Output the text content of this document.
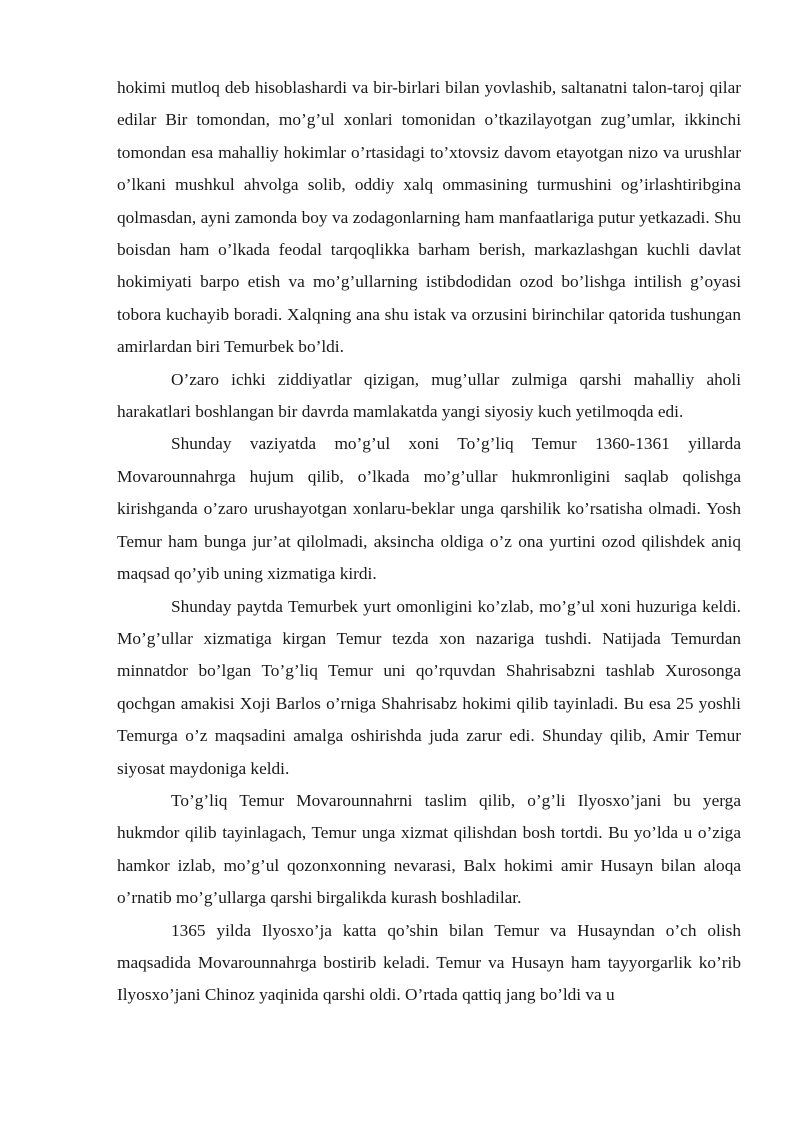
hokimi mutloq deb hisoblashardi va bir-birlari bilan yovlashib, saltanatni talon-taroj qilar edilar Bir tomondan, mo’g’ul xonlari tomonidan o’tkazilayotgan zug’umlar, ikkinchi tomondan esa mahalliy hokimlar o’rtasidagi to’xtovsiz davom etayotgan nizo va urushlar o’lkani mushkul ahvolga solib, oddiy xalq ommasining turmushini og’irlashtiribgina qolmasdan, ayni zamonda boy va zodagonlarning ham manfaatlariga putur yetkazadi. Shu boisdan ham o’lkada feodal tarqoqlikka barham berish, markazlashgan kuchli davlat hokimiyati barpo etish va mo’g’ullarning istibdodidan ozod bo’lishga intilish g’oyasi tobora kuchayib boradi. Xalqning ana shu istak va orzusini birinchilar qatorida tushungan amirlardan biri Temurbek bo’ldi.

O’zaro ichki ziddiyatlar qizigan, mug’ullar zulmiga qarshi mahalliy aholi harakatlari boshlangan bir davrda mamlakatda yangi siyosiy kuch yetilmoqda edi.

Shunday vaziyatda mo’g’ul xoni To’g’liq Temur 1360-1361 yillarda Movarounnahrga hujum qilib, o’lkada mo’g’ullar hukmronligini saqlab qolishga kirishganda o’zaro urushayotgan xonlaru-beklar unga qarshilik ko’rsatisha olmadi. Yosh Temur ham bunga jur’at qilolmadi, aksincha oldiga o’z ona yurtini ozod qilishdek aniq maqsad qo’yib uning xizmatiga kirdi.

Shunday paytda Temurbek yurt omonligini ko’zlab, mo’g’ul xoni huzuriga keldi. Mo’g’ullar xizmatiga kirgan Temur tezda xon nazariga tushdi. Natijada Temurdan minnatdor bo’lgan To’g’liq Temur uni qo’rquvdan Shahrisabzni tashlab Xurosonga qochgan amakisi Xoji Barlos o’rniga Shahrisabz hokimi qilib tayinladi. Bu esa 25 yoshli Temurga o’z maqsadini amalga oshirishda juda zarur edi. Shunday qilib, Amir Temur siyosat maydoniga keldi.

To’g’liq Temur Movarounnahrni taslim qilib, o’g’li Ilyosxo’jani bu yerga hukmdor qilib tayinlagach, Temur unga xizmat qilishdan bosh tortdi. Bu yo’lda u o’ziga hamkor izlab, mo’g’ul qozonxonning nevarasi, Balx hokimi amir Husayn bilan aloqa o’rnatib mo’g’ullarga qarshi birgalikda kurash boshladilar.

1365 yilda Ilyosxo’ja katta qo’shin bilan Temur va Husayndan o’ch olish maqsadida Movarounnahrga bostirib keladi. Temur va Husayn ham tayyorgarlik ko’rib Ilyosxo’jani Chinoz yaqinida qarshi oldi. O’rtada qattiq jang bo’ldi va u
